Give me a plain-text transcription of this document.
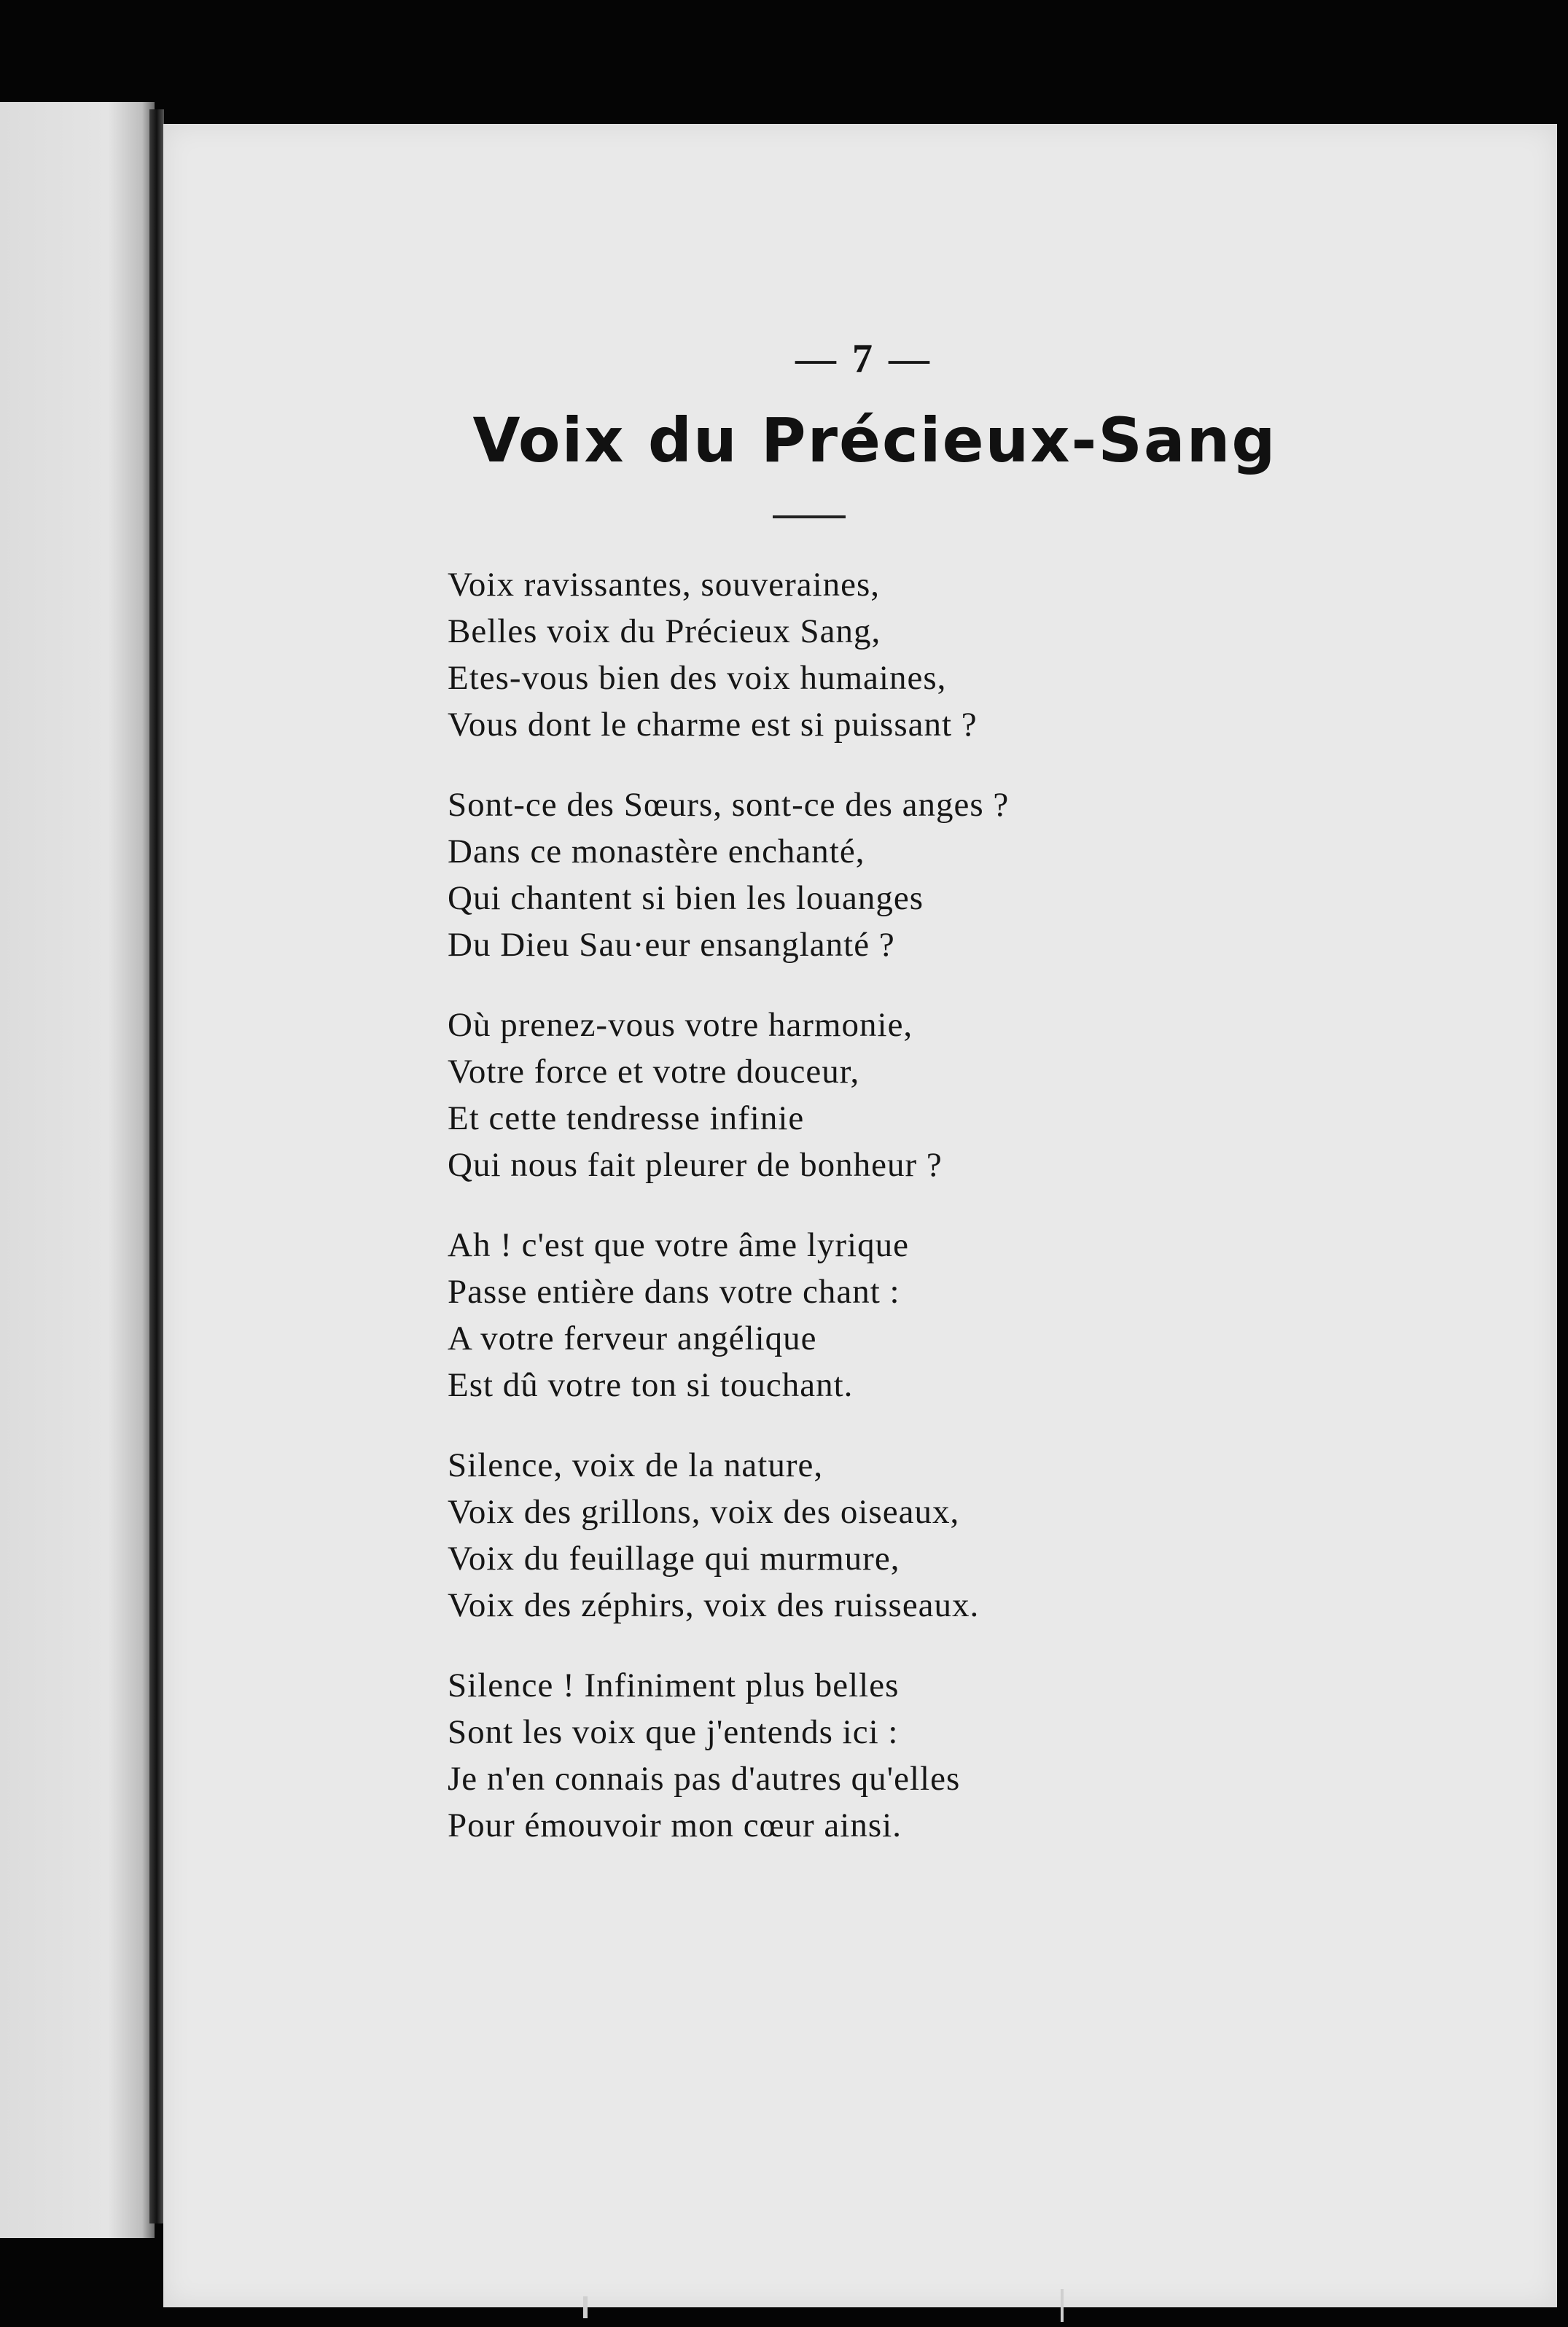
— 7 —
Voix du Précieux-Sang
Voix ravissantes, souveraines,
Belles voix du Précieux Sang,
Etes-vous bien des voix humaines,
Vous dont le charme est si puissant ?
Sont-ce des Sœurs, sont-ce des anges ?
Dans ce monastère enchanté,
Qui chantent si bien les louanges
Du Dieu Sau·eur ensanglanté ?
Où prenez-vous votre harmonie,
Votre force et votre douceur,
Et cette tendresse infinie
Qui nous fait pleurer de bonheur ?
Ah ! c'est que votre âme lyrique
Passe entière dans votre chant :
A votre ferveur angélique
Est dû votre ton si touchant.
Silence, voix de la nature,
Voix des grillons, voix des oiseaux,
Voix du feuillage qui murmure,
Voix des zéphirs, voix des ruisseaux.
Silence ! Infiniment plus belles
Sont les voix que j'entends ici :
Je n'en connais pas d'autres qu'elles
Pour émouvoir mon cœur ainsi.
